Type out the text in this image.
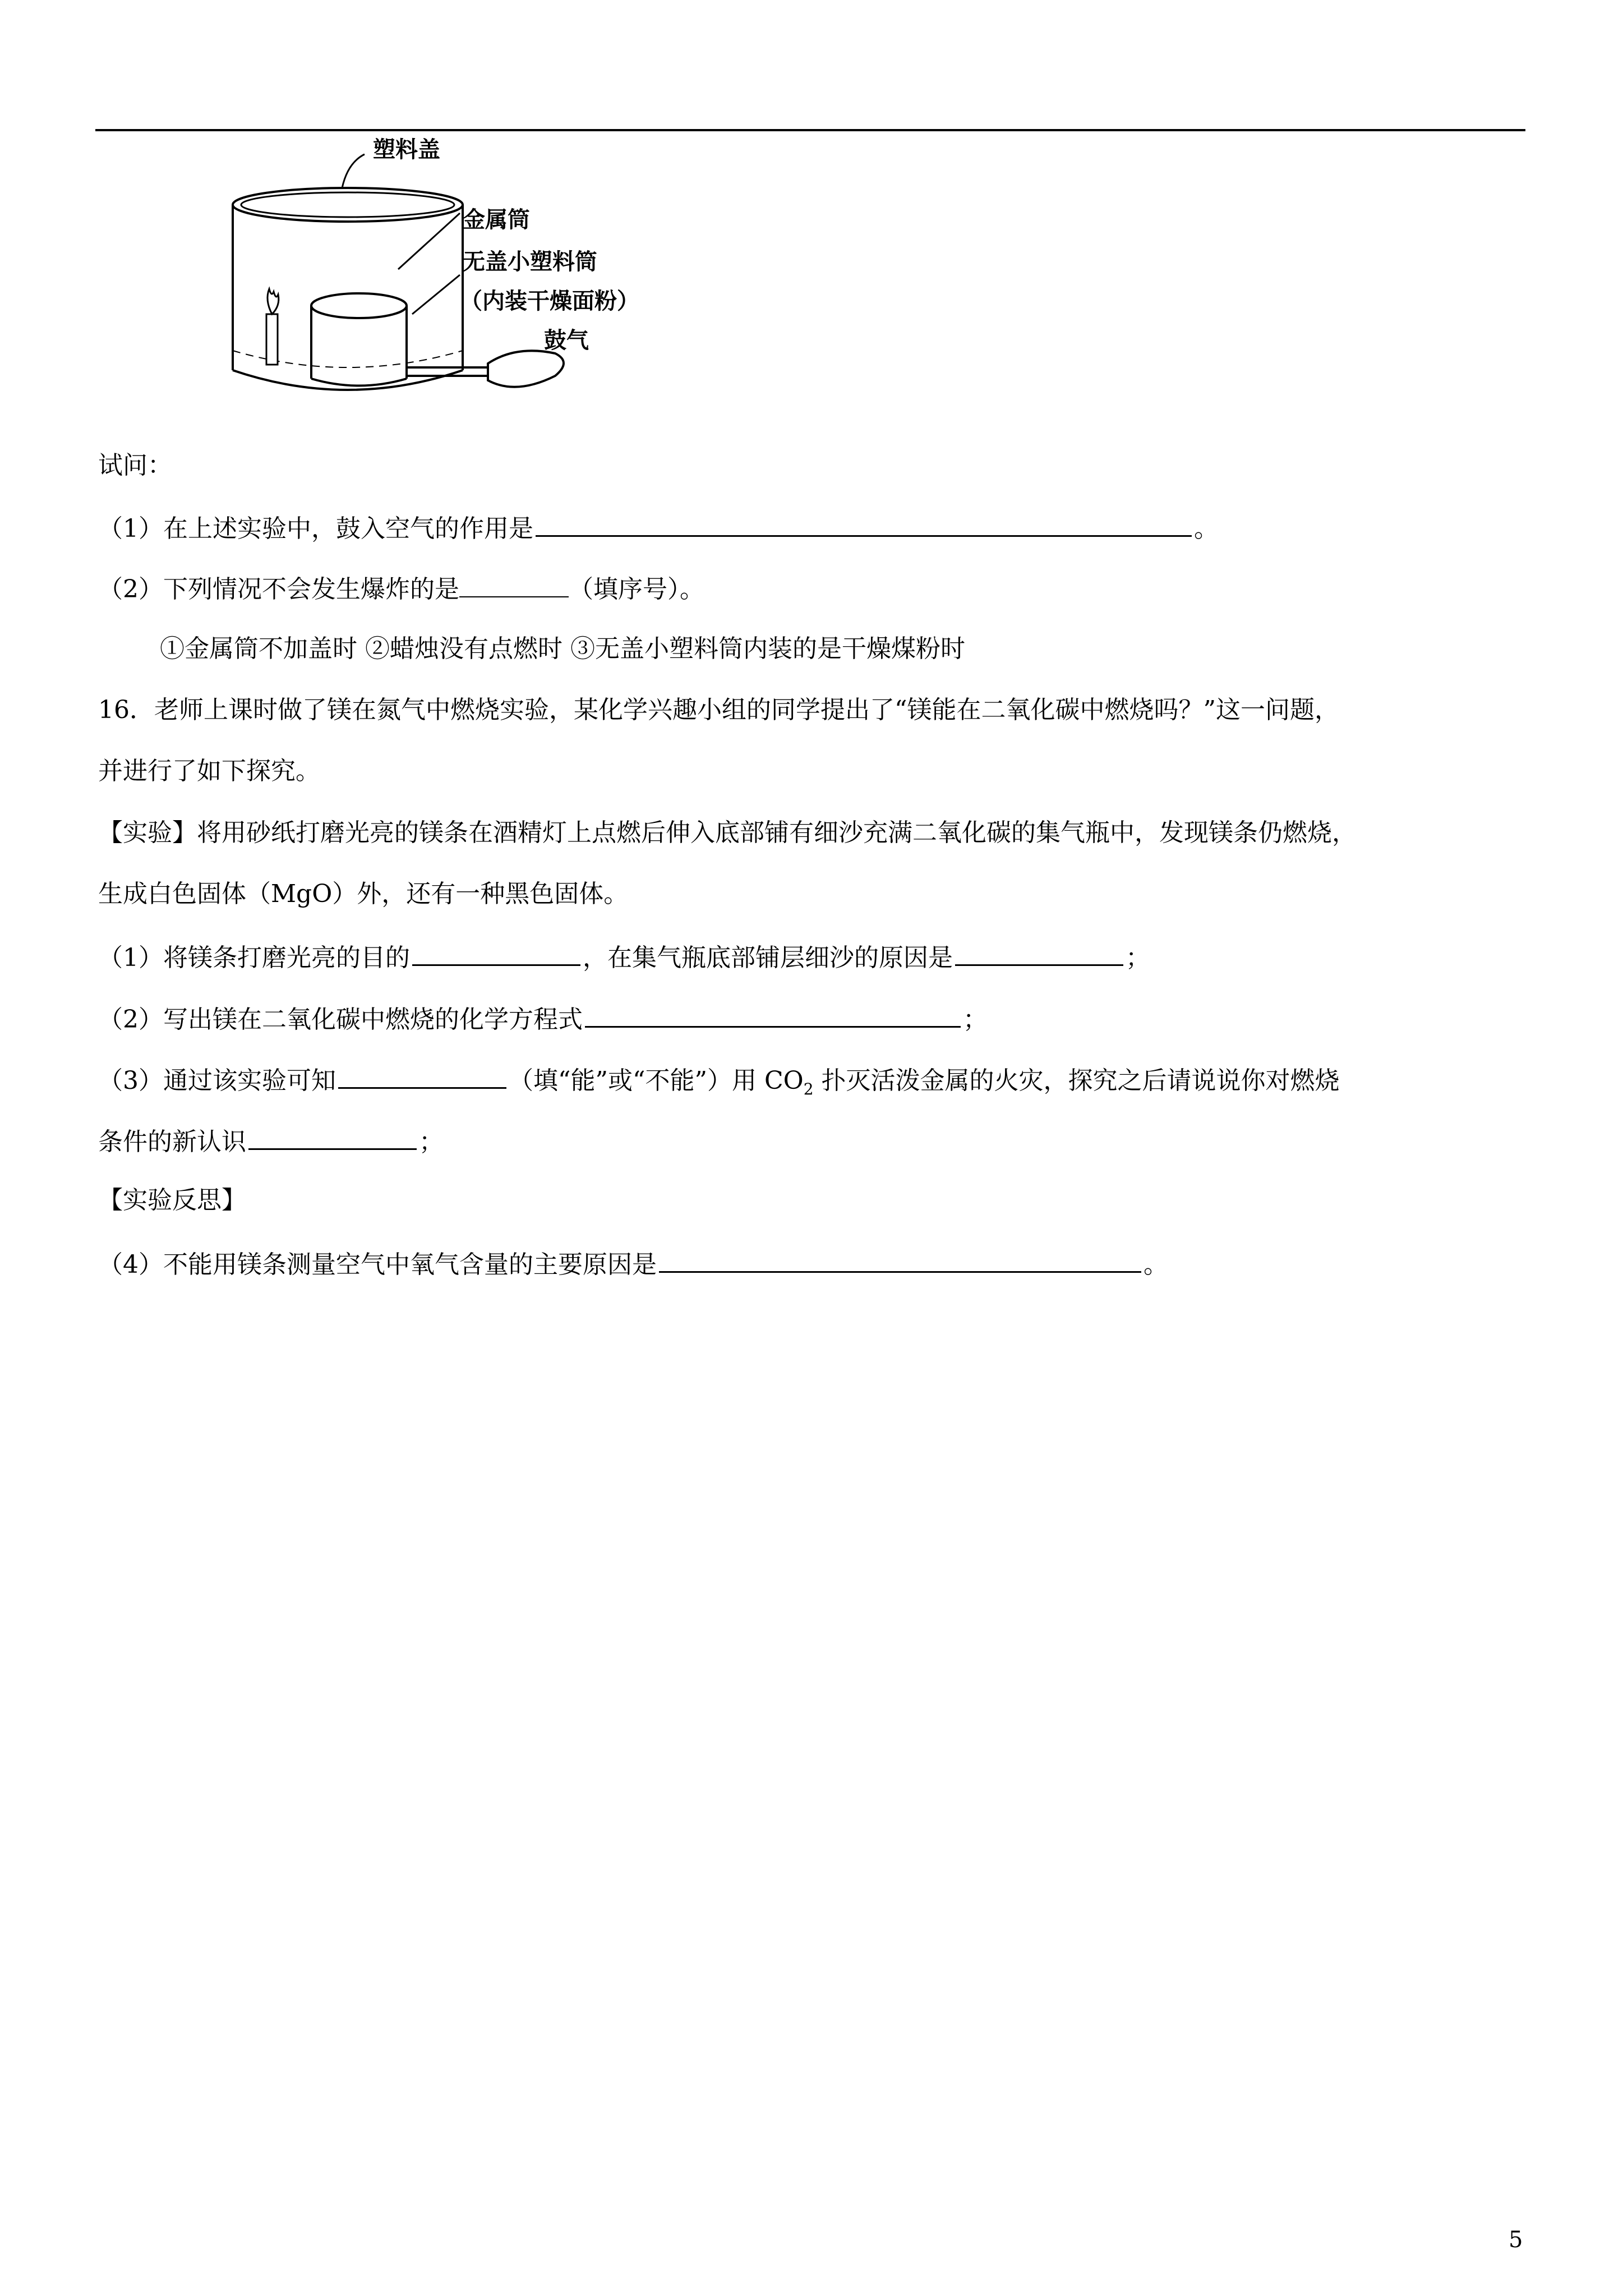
塑料盖
金属筒
无盖小塑料筒
（内装干燥面粉）
鼓气
试问：
（1）在上述实验中，鼓入空气的作用是	。
（2）下列情况不会发生爆炸的是	（填序号）。
①金属筒不加盖时 ②蜡烛没有点燃时 ③无盖小塑料筒内装的是干燥煤粉时
16．老师上课时做了镁在氮气中燃烧实验，某化学兴趣小组的同学提出了“镁能在二氧化碳中燃烧吗？”这一问题，
并进行了如下探究。
【实验】将用砂纸打磨光亮的镁条在酒精灯上点燃后伸入底部铺有细沙充满二氧化碳的集气瓶中，发现镁条仍燃烧，
生成白色固体（MgO）外，还有一种黑色固体。
（1）将镁条打磨光亮的目的	，在集气瓶底部铺层细沙的原因是	；
（2）写出镁在二氧化碳中燃烧的化学方程式	；
（3）通过该实验可知	（填“能”或“不能”）用 $CO_2$ 扑灭活泼金属的火灾，探究之后请说说你对燃烧
条件的新认识	；
【实验反思】
（4）不能用镁条测量空气中氧气含量的主要原因是	。
5
